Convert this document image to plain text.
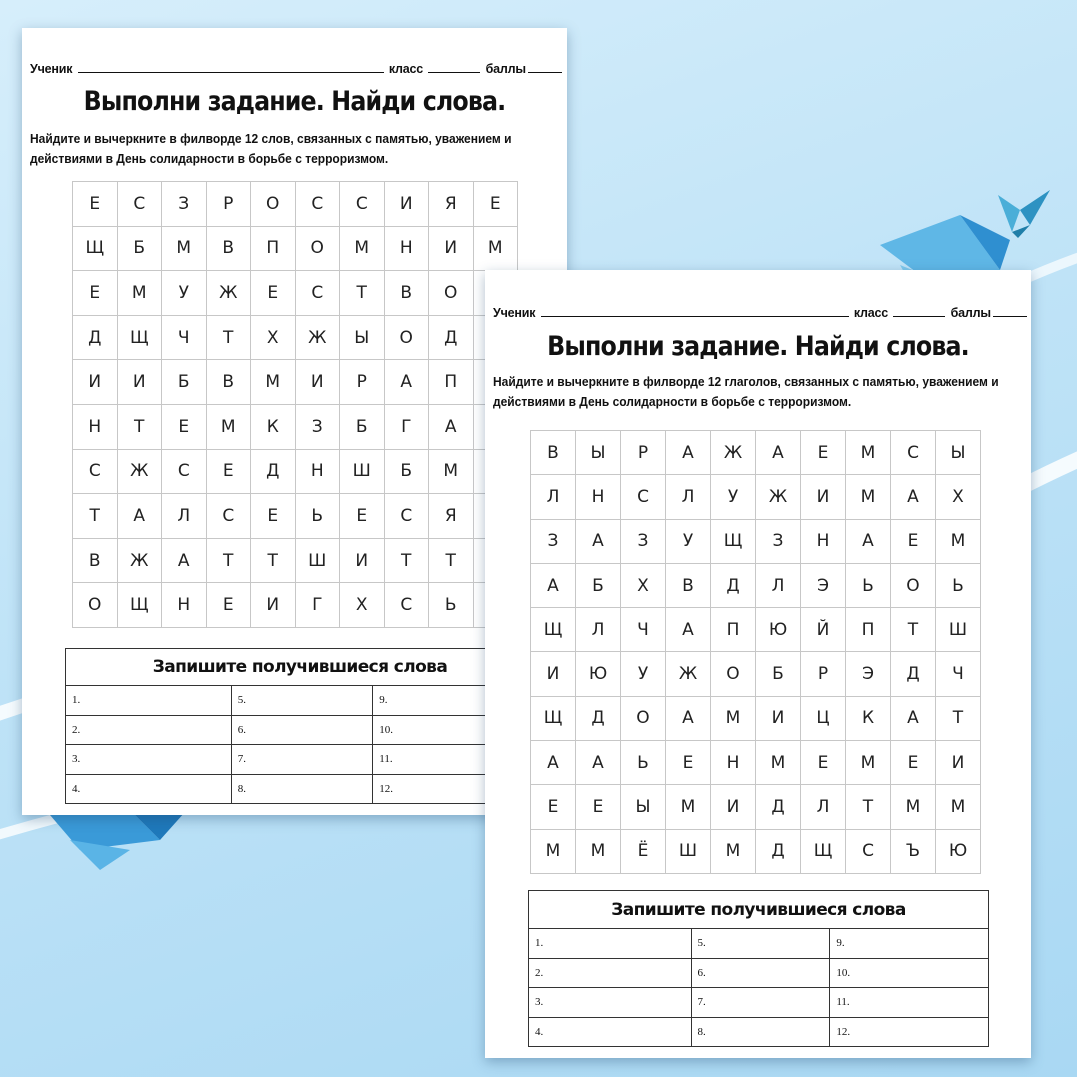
Ученик	класс	баллы
Выполни задание. Найди слова.
Найдите и вычеркните в филворде 12 слов, связанных с памятью, уважением и действиями в День солидарности в борьбе с терроризмом.
Е	С	З	Р	О	С	С	И	Я	Е
Щ	Б	М	В	П	О	М	Н	И	М
Е	М	У	Ж	Е	С	Т	В	О	
Д	Щ	Ч	Т	Х	Ж	Ы	О	Д	
И	И	Б	В	М	И	Р	А	П	
Н	Т	Е	М	К	З	Б	Г	А	
С	Ж	С	Е	Д	Н	Ш	Б	М	
Т	А	Л	С	Е	Ь	Е	С	Я	
В	Ж	А	Т	Т	Ш	И	Т	Т	
О	Щ	Н	Е	И	Г	Х	С	Ь	
Запишите получившиеся слова		
1.	5.	9.
2.	6.	10.
3.	7.	11.
4.	8.	12.
Ученик	класс	баллы
Выполни задание. Найди слова.
Найдите и вычеркните в филворде 12 глаголов, связанных с памятью, уважением и действиями в День солидарности в борьбе с терроризмом.
В	Ы	Р	А	Ж	А	Е	М	С	Ы
Л	Н	С	Л	У	Ж	И	М	А	Х
З	А	З	У	Щ	З	Н	А	Е	М
А	Б	Х	В	Д	Л	Э	Ь	О	Ь
Щ	Л	Ч	А	П	Ю	Й	П	Т	Ш
И	Ю	У	Ж	О	Б	Р	Э	Д	Ч
Щ	Д	О	А	М	И	Ц	К	А	Т
А	А	Ь	Е	Н	М	Е	М	Е	И
Е	Е	Ы	М	И	Д	Л	Т	М	М
М	М	Ё	Ш	М	Д	Щ	С	Ъ	Ю
Запишите получившиеся слова		
1.	5.	9.
2.	6.	10.
3.	7.	11.
4.	8.	12.
